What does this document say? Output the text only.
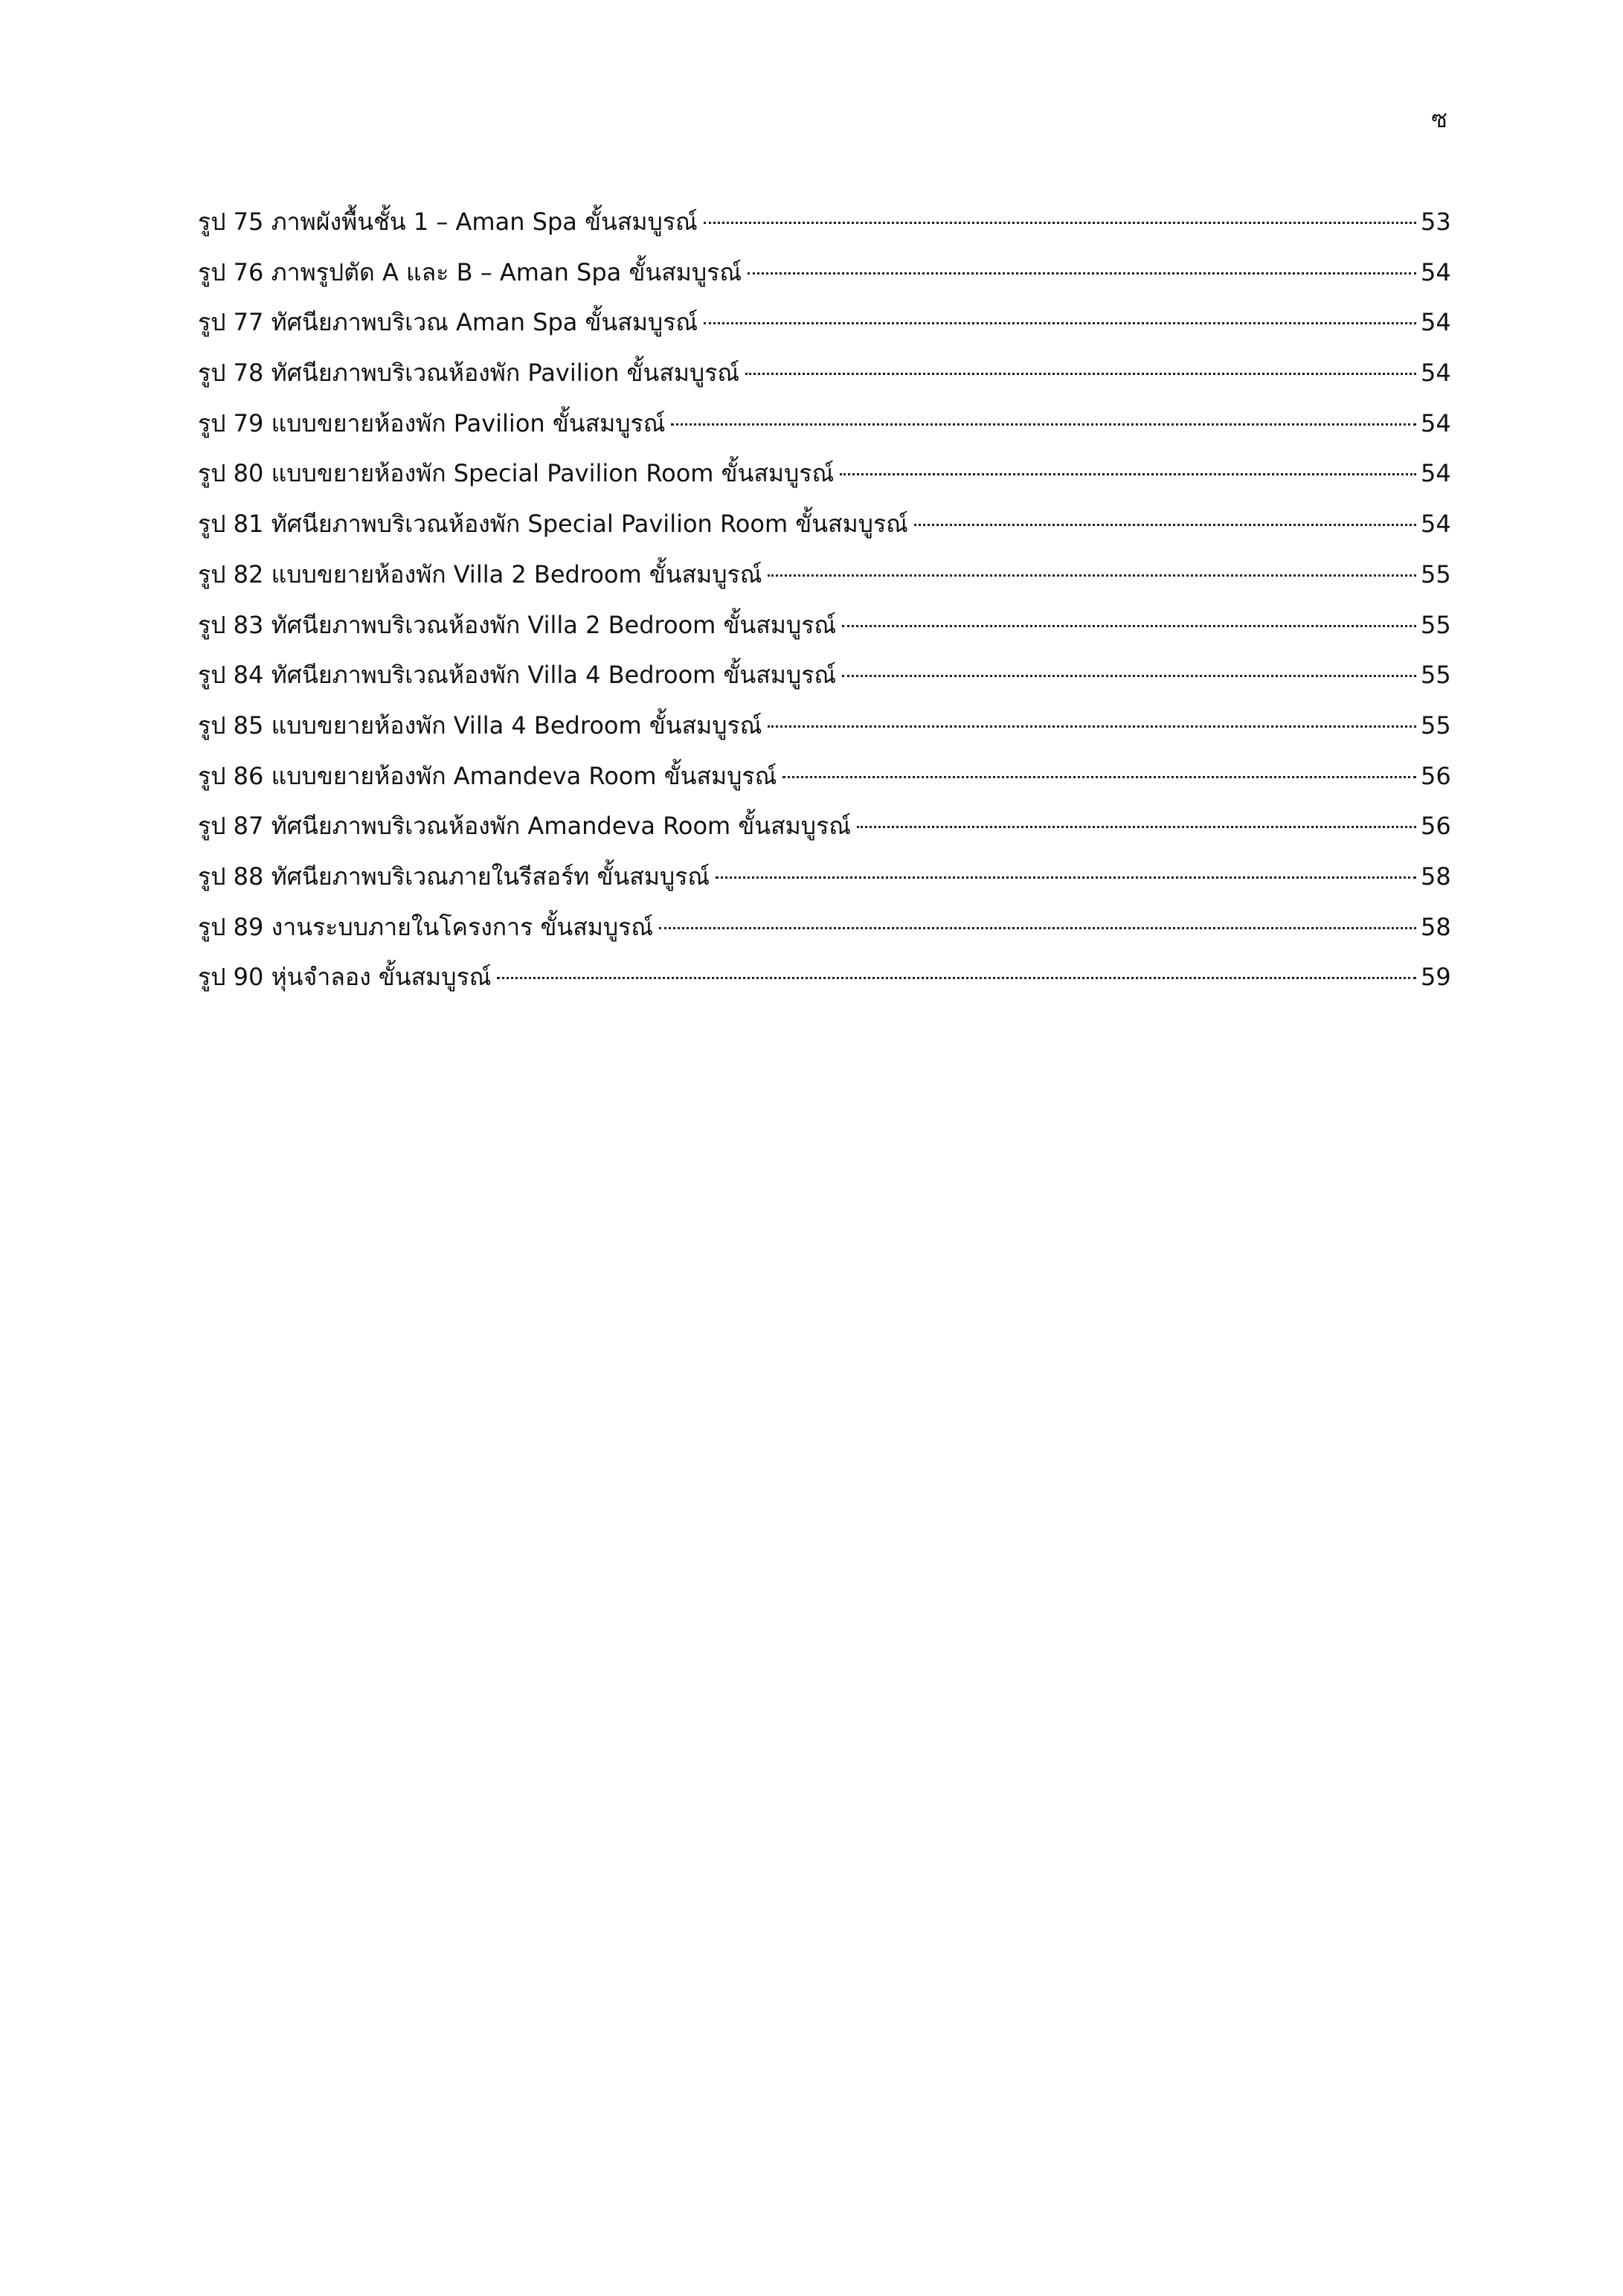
ซ
รูป 75 ภาพผังพื้นชั้น 1 – Aman Spa ขั้นสมบูรณ์	53
รูป 76 ภาพรูปตัด A และ B – Aman Spa ขั้นสมบูรณ์	54
รูป 77 ทัศนียภาพบริเวณ Aman Spa ขั้นสมบูรณ์	54
รูป 78 ทัศนียภาพบริเวณห้องพัก Pavilion ขั้นสมบูรณ์	54
รูป 79 แบบขยายห้องพัก Pavilion ขั้นสมบูรณ์	54
รูป 80 แบบขยายห้องพัก Special Pavilion Room ขั้นสมบูรณ์	54
รูป 81 ทัศนียภาพบริเวณห้องพัก Special Pavilion Room ขั้นสมบูรณ์	54
รูป 82 แบบขยายห้องพัก Villa 2 Bedroom ขั้นสมบูรณ์	55
รูป 83 ทัศนียภาพบริเวณห้องพัก Villa 2 Bedroom ขั้นสมบูรณ์	55
รูป 84 ทัศนียภาพบริเวณห้องพัก Villa 4 Bedroom ขั้นสมบูรณ์	55
รูป 85 แบบขยายห้องพัก Villa 4 Bedroom ขั้นสมบูรณ์	55
รูป 86 แบบขยายห้องพัก Amandeva Room ขั้นสมบูรณ์	56
รูป 87 ทัศนียภาพบริเวณห้องพัก Amandeva Room ขั้นสมบูรณ์	56
รูป 88 ทัศนียภาพบริเวณภายในรีสอร์ท ขั้นสมบูรณ์	58
รูป 89 งานระบบภายในโครงการ ขั้นสมบูรณ์	58
รูป 90 หุ่นจำลอง ขั้นสมบูรณ์	59
